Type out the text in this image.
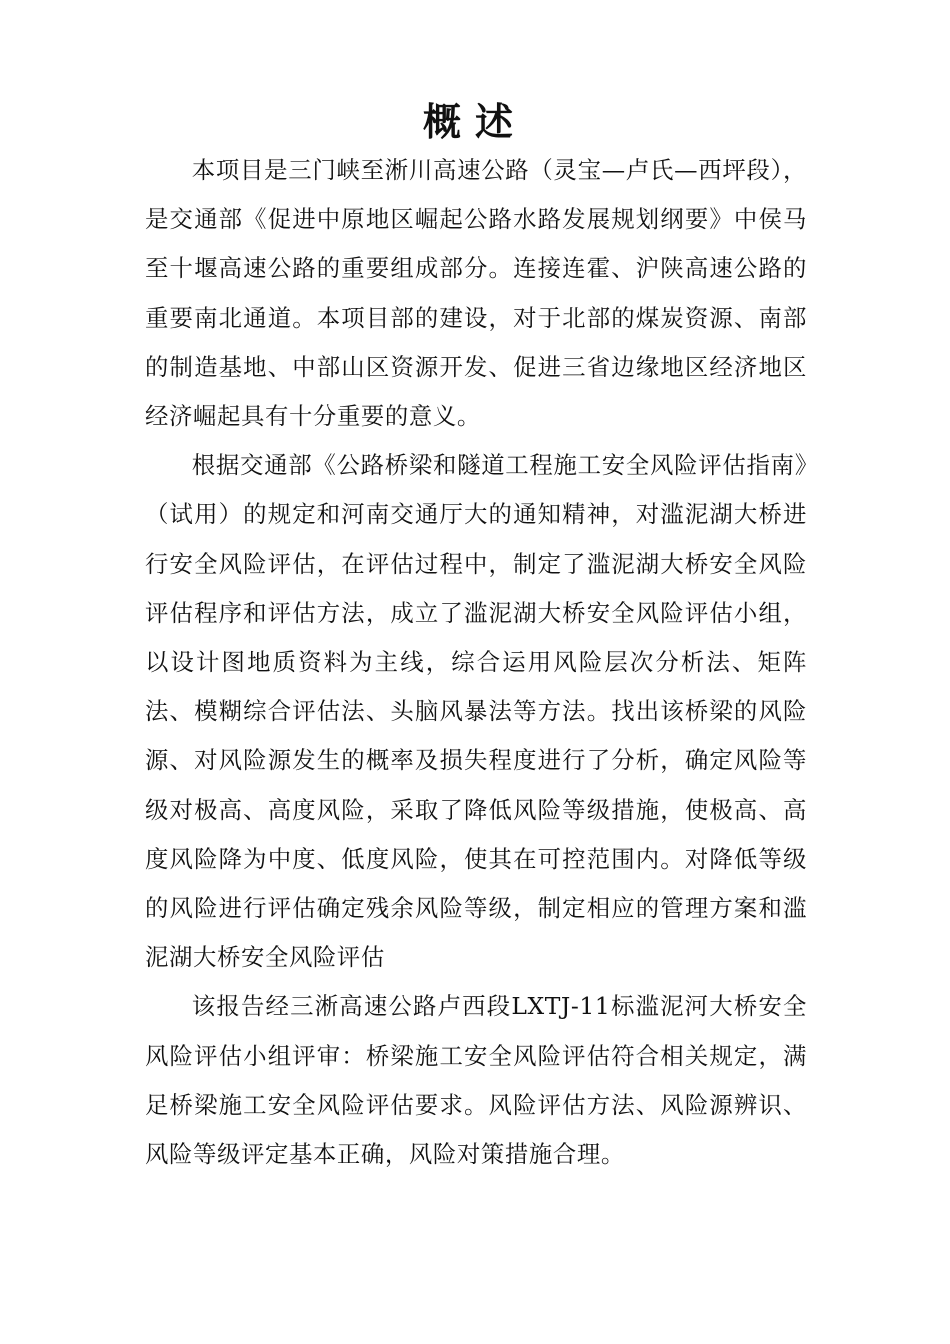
概述

本项目是三门峡至淅川高速公路（灵宝—卢氏—西坪段），是交通部《促进中原地区崛起公路水路发展规划纲要》中侯马至十堰高速公路的重要组成部分。连接连霍、沪陕高速公路的重要南北通道。本项目部的建设，对于北部的煤炭资源、南部的制造基地、中部山区资源开发、促进三省边缘地区经济地区经济崛起具有十分重要的意义。

根据交通部《公路桥梁和隧道工程施工安全风险评估指南》（试用）的规定和河南交通厅大的通知精神，对滥泥湖大桥进行安全风险评估，在评估过程中，制定了滥泥湖大桥安全风险评估程序和评估方法，成立了滥泥湖大桥安全风险评估小组，以设计图地质资料为主线，综合运用风险层次分析法、矩阵法、模糊综合评估法、头脑风暴法等方法。找出该桥梁的风险源、对风险源发生的概率及损失程度进行了分析，确定风险等级对极高、高度风险，采取了降低风险等级措施，使极高、高度风险降为中度、低度风险，使其在可控范围内。对降低等级的风险进行评估确定残余风险等级，制定相应的管理方案和滥泥湖大桥安全风险评估

该报告经三淅高速公路卢西段LXTJ-11标滥泥河大桥安全风险评估小组评审：桥梁施工安全风险评估符合相关规定，满足桥梁施工安全风险评估要求。风险评估方法、风险源辨识、风险等级评定基本正确，风险对策措施合理。
